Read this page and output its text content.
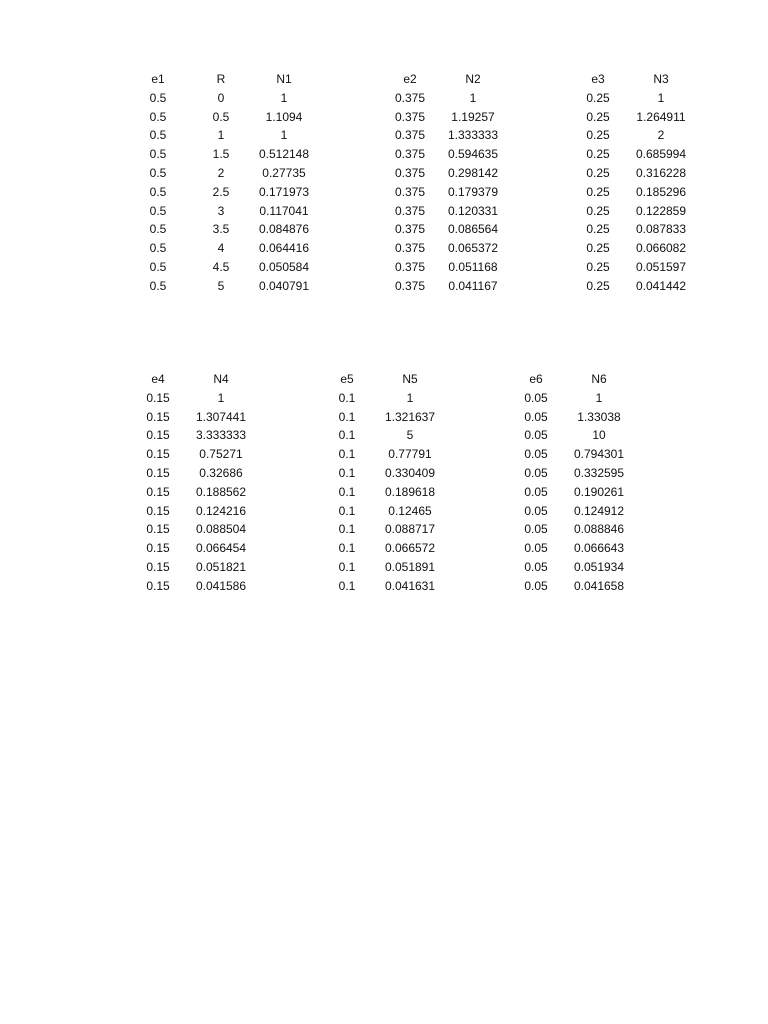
e1
0.5
0.5
0.5
0.5
0.5
0.5
0.5
0.5
0.5
0.5
0.5
R
0
0.5
1
1.5
2
2.5
3
3.5
4
4.5
5
N1
1
1.1094
1
0.512148
0.27735
0.171973
0.117041
0.084876
0.064416
0.050584
0.040791
e2
0.375
0.375
0.375
0.375
0.375
0.375
0.375
0.375
0.375
0.375
0.375
N2
1
1.19257
1.333333
0.594635
0.298142
0.179379
0.120331
0.086564
0.065372
0.051168
0.041167
e3
0.25
0.25
0.25
0.25
0.25
0.25
0.25
0.25
0.25
0.25
0.25
N3
1
1.264911
2
0.685994
0.316228
0.185296
0.122859
0.087833
0.066082
0.051597
0.041442
e4
0.15
0.15
0.15
0.15
0.15
0.15
0.15
0.15
0.15
0.15
0.15
N4
1
1.307441
3.333333
0.75271
0.32686
0.188562
0.124216
0.088504
0.066454
0.051821
0.041586
e5
0.1
0.1
0.1
0.1
0.1
0.1
0.1
0.1
0.1
0.1
0.1
N5
1
1.321637
5
0.77791
0.330409
0.189618
0.12465
0.088717
0.066572
0.051891
0.041631
e6
0.05
0.05
0.05
0.05
0.05
0.05
0.05
0.05
0.05
0.05
0.05
N6
1
1.33038
10
0.794301
0.332595
0.190261
0.124912
0.088846
0.066643
0.051934
0.041658
